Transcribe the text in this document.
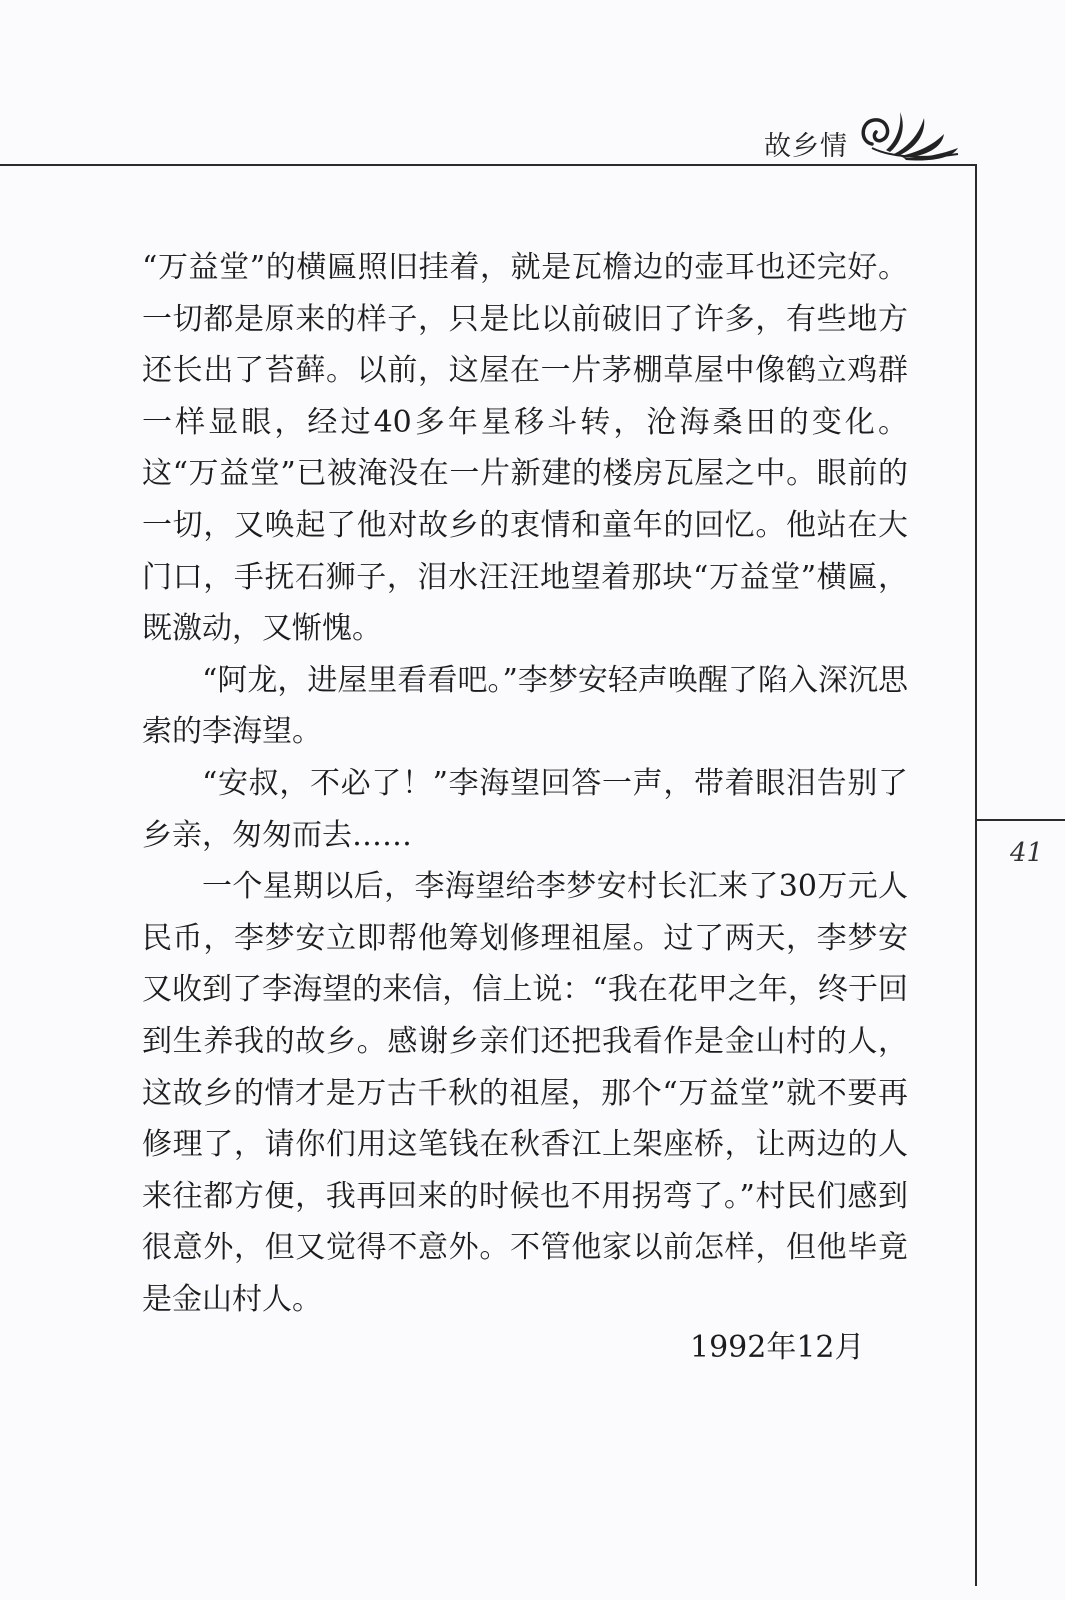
故乡情
41

“万益堂”的横匾照旧挂着，就是瓦檐边的壶耳也还完好。一切都是原来的样子，只是比以前破旧了许多，有些地方还长出了苔藓。以前，这屋在一片茅棚草屋中像鹤立鸡群一样显眼，经过40多年星移斗转，沧海桑田的变化。这“万益堂”已被淹没在一片新建的楼房瓦屋之中。眼前的一切，又唤起了他对故乡的衷情和童年的回忆。他站在大门口，手抚石狮子，泪水汪汪地望着那块“万益堂”横匾，既激动，又惭愧。

“阿龙，进屋里看看吧。”李梦安轻声唤醒了陷入深沉思索的李海望。

“安叔，不必了！”李海望回答一声，带着眼泪告别了乡亲，匆匆而去……

一个星期以后，李海望给李梦安村长汇来了30万元人民币，李梦安立即帮他筹划修理祖屋。过了两天，李梦安又收到了李海望的来信，信上说：“我在花甲之年，终于回到生养我的故乡。感谢乡亲们还把我看作是金山村的人，这故乡的情才是万古千秋的祖屋，那个“万益堂”就不要再修理了，请你们用这笔钱在秋香江上架座桥，让两边的人来往都方便，我再回来的时候也不用拐弯了。”村民们感到很意外，但又觉得不意外。不管他家以前怎样，但他毕竟是金山村人。

1992年12月
